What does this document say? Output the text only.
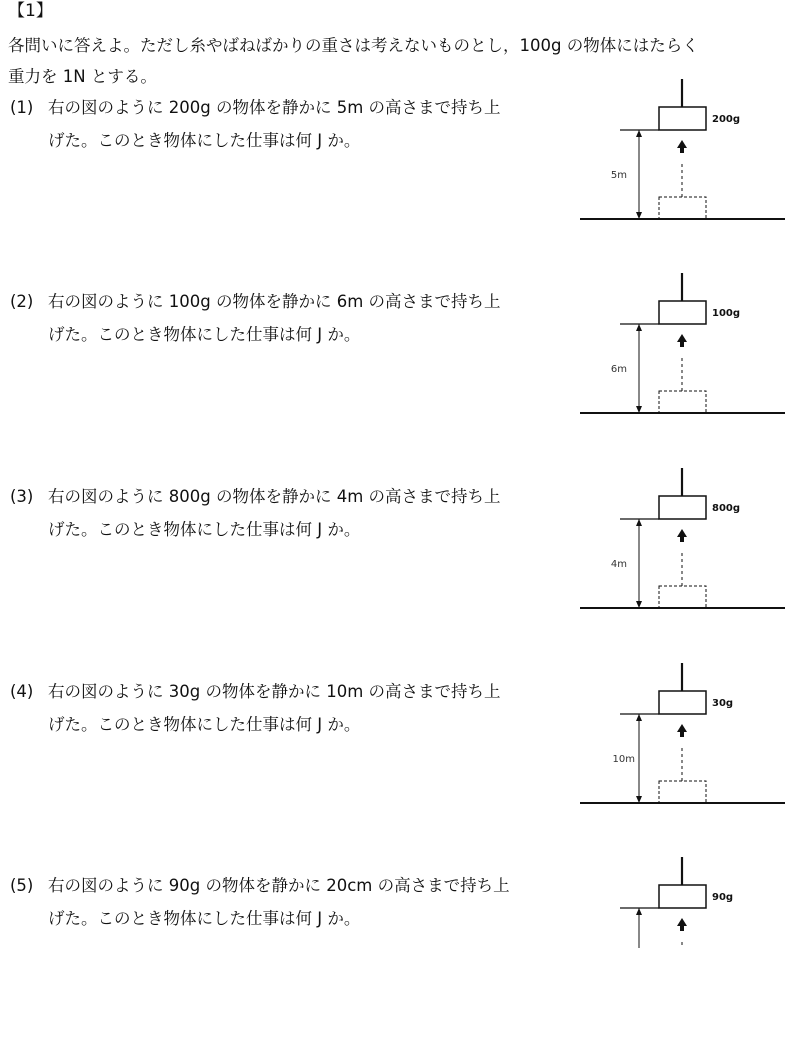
【1】
各問いに答えよ。ただし糸やばねばかりの重さは考えないものとし，100g の物体にはたらく
重力を 1N とする。
(1) 右の図のように 200g の物体を静かに 5m の高さまで持ち上
げた。このとき物体にした仕事は何 J か。
5m
200g
(2) 右の図のように 100g の物体を静かに 6m の高さまで持ち上
げた。このとき物体にした仕事は何 J か。
6m
100g
(3) 右の図のように 800g の物体を静かに 4m の高さまで持ち上
げた。このとき物体にした仕事は何 J か。
4m
800g
(4) 右の図のように 30g の物体を静かに 10m の高さまで持ち上
げた。このとき物体にした仕事は何 J か。
10m
30g
(5) 右の図のように 90g の物体を静かに 20cm の高さまで持ち上
げた。このとき物体にした仕事は何 J か。
90g
